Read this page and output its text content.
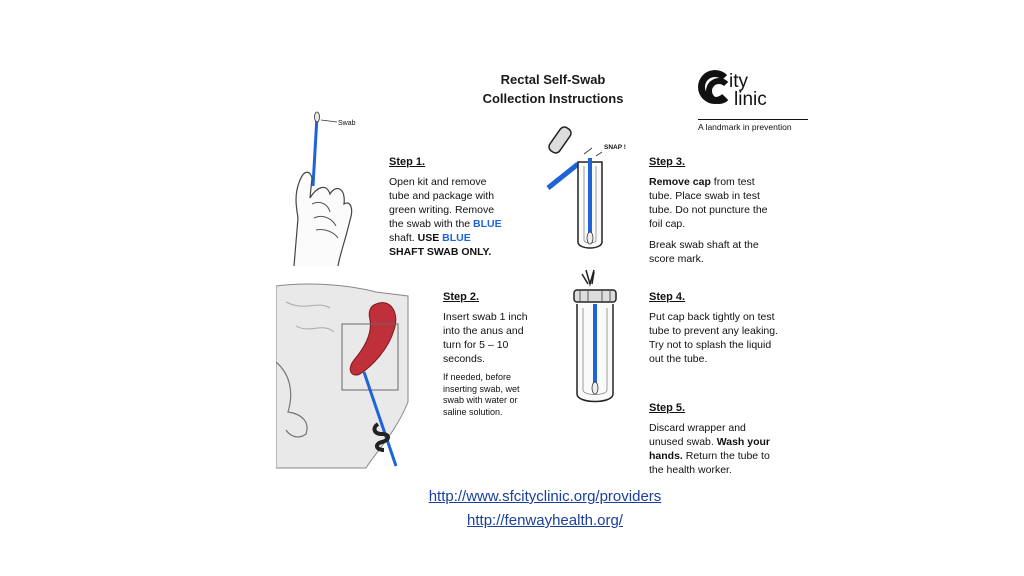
Rectal Self-Swab
Collection Instructions
ity
linic
A landmark in prevention
Swab
Step 1.
Open kit and remove
tube and package with
green writing. Remove
the swab with the BLUE
shaft. USE BLUE
SHAFT SWAB ONLY.
SNAP !
Step 3.
Remove cap from test
tube. Place swab in test
tube. Do not puncture the
foil cap.
Break swab shaft at the
score mark.
Step 2.
Insert swab 1 inch
into the anus and
turn for 5 – 10
seconds.
If needed, before
inserting swab, wet
swab with water or
saline solution.
Step 4.
Put cap back tightly on test
tube to prevent any leaking.
Try not to splash the liquid
out the tube.
Step 5.
Discard wrapper and
unused swab. Wash your
hands. Return the tube to
the health worker.
http://www.sfcityclinic.org/providers
http://fenwayhealth.org/
